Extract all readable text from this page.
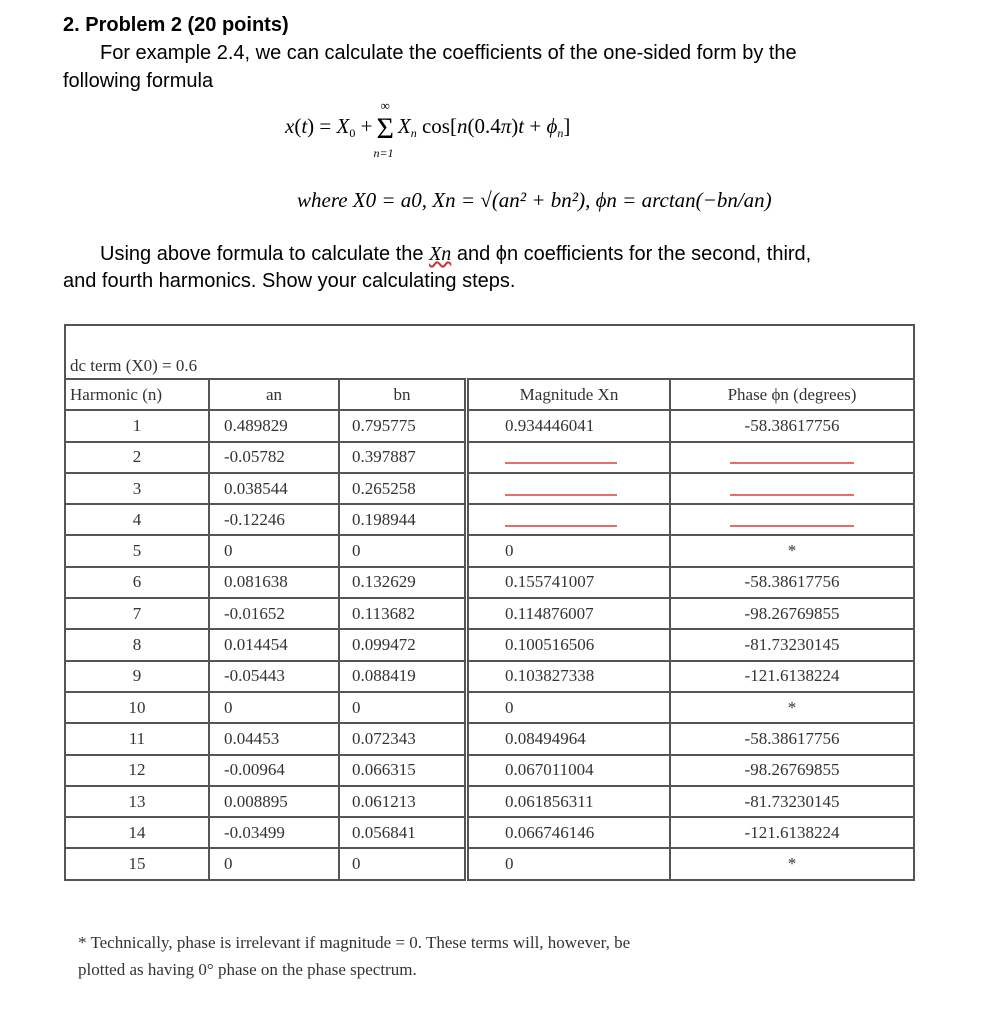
2. Problem 2 (20 points)
For example 2.4, we can calculate the coefficients of the one-sided form by the
following formula
$x(t) = X_0 + \Sigma$
∞
n=1
$X_n$ $\cos[n(0.4\pi)t + \phi_n]$
where X0 = a0, Xn = √(an² + bn²), ϕn = arctan(−bn/an)
Using above formula to calculate the Xn and ϕn coefficients for the second, third,
and fourth harmonics. Show your calculating steps.
dc term (X0) = 0.6				
Harmonic (n)	an	bn	Magnitude Xn	Phase ϕn (degrees)
1	0.489829	0.795775	0.934446041	-58.38617756
2	-0.05782	0.397887		
3	0.038544	0.265258		
4	-0.12246	0.198944		
5	0	0	0	*
6	0.081638	0.132629	0.155741007	-58.38617756
7	-0.01652	0.113682	0.114876007	-98.26769855
8	0.014454	0.099472	0.100516506	-81.73230145
9	-0.05443	0.088419	0.103827338	-121.6138224
10	0	0	0	*
11	0.04453	0.072343	0.08494964	-58.38617756
12	-0.00964	0.066315	0.067011004	-98.26769855
13	0.008895	0.061213	0.061856311	-81.73230145
14	-0.03499	0.056841	0.066746146	-121.6138224
15	0	0	0	*
* Technically, phase is irrelevant if magnitude = 0. These terms will, however, be
plotted as having 0° phase on the phase spectrum.
